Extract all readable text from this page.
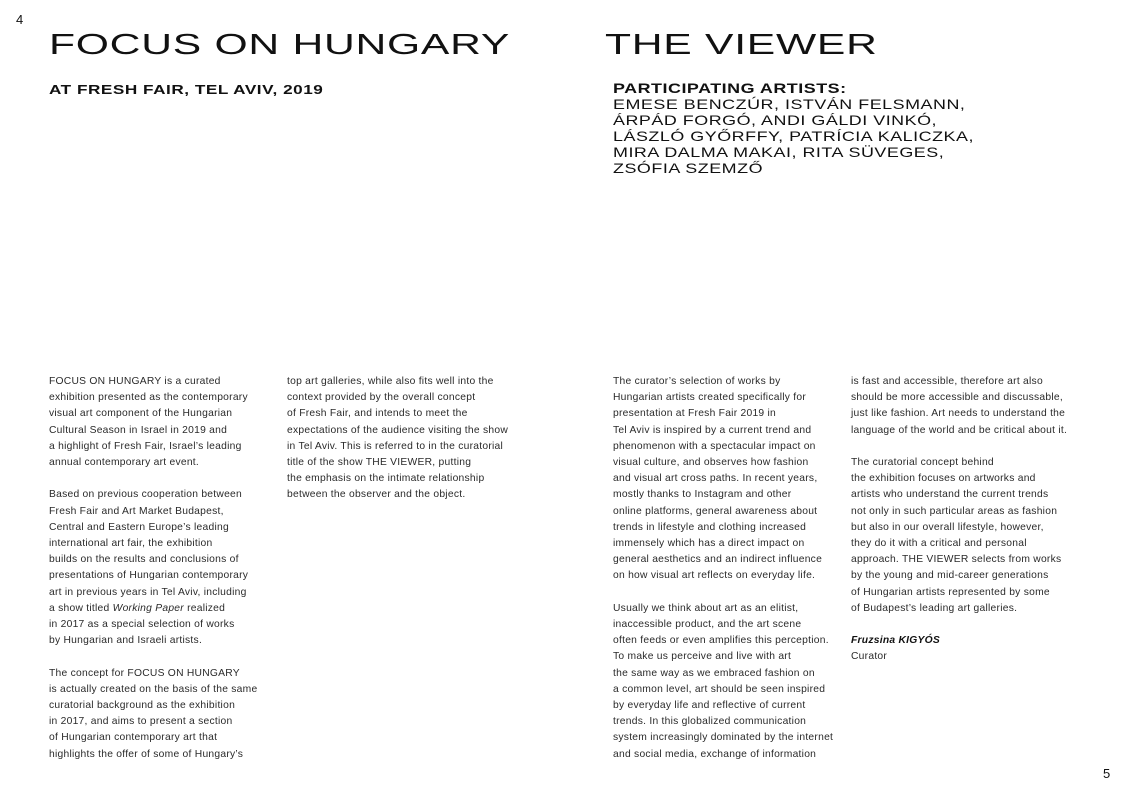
4
FOCUS ON HUNGARY
AT FRESH FAIR, TEL AVIV, 2019
THE VIEWER
PARTICIPATING ARTISTS:
EMESE BENCZÚR, ISTVÁN FELSMANN,
ÁRPÁD FORGÓ, ANDI GÁLDI VINKÓ,
LÁSZLÓ GYŐRFFY, PATRÍCIA KALICZKA,
MIRA DALMA MAKAI, RITA SÜVEGES,
ZSÓFIA SZEMZŐ
FOCUS ON HUNGARY is a curated
exhibition presented as the contemporary
visual art component of the Hungarian
Cultural Season in Israel in 2019 and
a highlight of Fresh Fair, Israel’s leading
annual contemporary art event.
Based on previous cooperation between
Fresh Fair and Art Market Budapest,
Central and Eastern Europe’s leading
international art fair, the exhibition
builds on the results and conclusions of
presentations of Hungarian contemporary
art in previous years in Tel Aviv, including
a show titled Working Paper realized
in 2017 as a special selection of works
by Hungarian and Israeli artists.
The concept for FOCUS ON HUNGARY
is actually created on the basis of the same
curatorial background as the exhibition
in 2017, and aims to present a section
of Hungarian contemporary art that
highlights the offer of some of Hungary’s
top art galleries, while also fits well into the
context provided by the overall concept
of Fresh Fair, and intends to meet the
expectations of the audience visiting the show
in Tel Aviv. This is referred to in the curatorial
title of the show THE VIEWER, putting
the emphasis on the intimate relationship
between the observer and the object.
The curator’s selection of works by
Hungarian artists created specifically for
presentation at Fresh Fair 2019 in
Tel Aviv is inspired by a current trend and
phenomenon with a spectacular impact on
visual culture, and observes how fashion
and visual art cross paths. In recent years,
mostly thanks to Instagram and other
online platforms, general awareness about
trends in lifestyle and clothing increased
immensely which has a direct impact on
general aesthetics and an indirect influence
on how visual art reflects on everyday life.
Usually we think about art as an elitist,
inaccessible product, and the art scene
often feeds or even amplifies this perception.
To make us perceive and live with art
the same way as we embraced fashion on
a common level, art should be seen inspired
by everyday life and reflective of current
trends. In this globalized communication
system increasingly dominated by the internet
and social media, exchange of information
is fast and accessible, therefore art also
should be more accessible and discussable,
just like fashion. Art needs to understand the
language of the world and be critical about it.
The curatorial concept behind
the exhibition focuses on artworks and
artists who understand the current trends
not only in such particular areas as fashion
but also in our overall lifestyle, however,
they do it with a critical and personal
approach. THE VIEWER selects from works
by the young and mid-career generations
of Hungarian artists represented by some
of Budapest’s leading art galleries.
Fruzsina KIGYÓS
Curator
5
